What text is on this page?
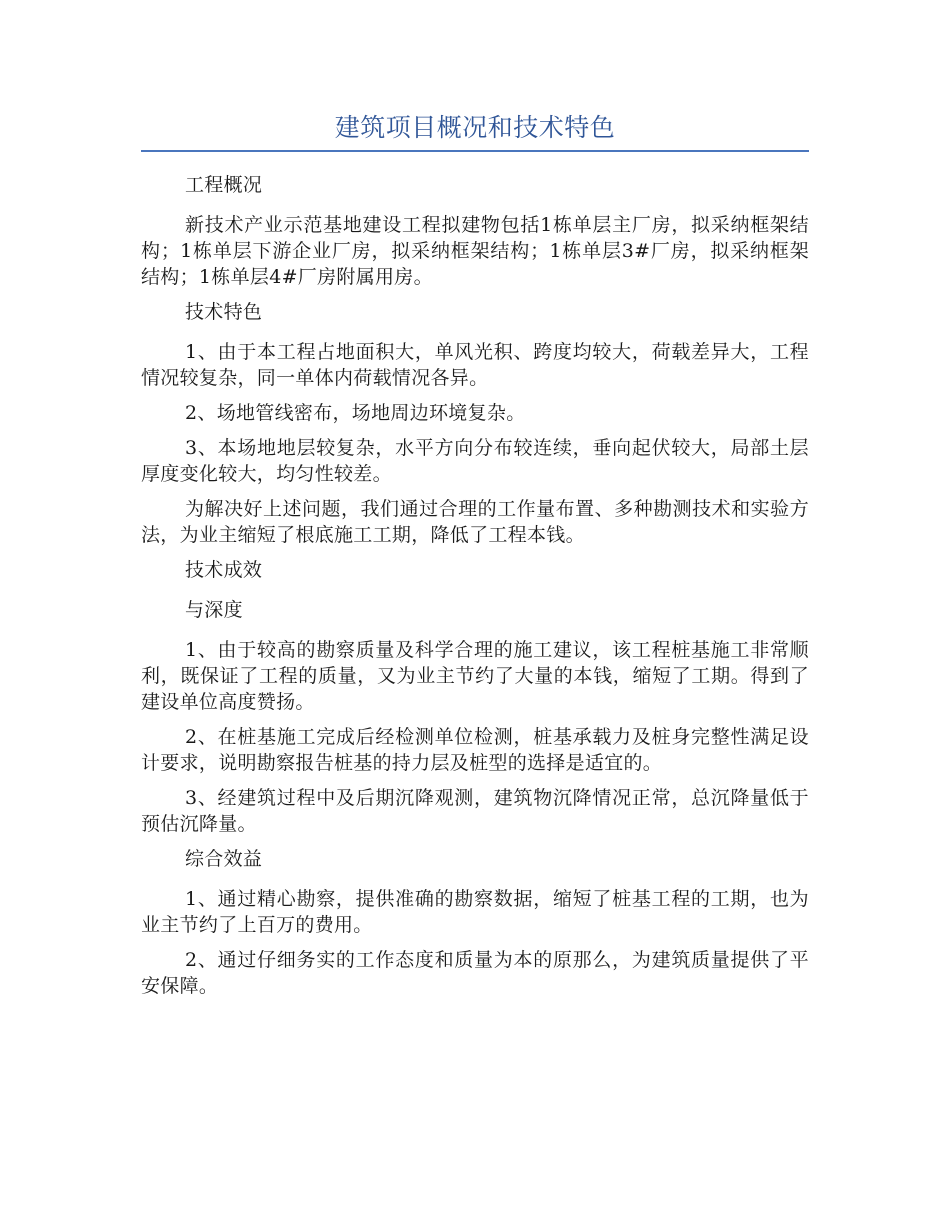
建筑项目概况和技术特色

工程概况

新技术产业示范基地建设工程拟建物包括1栋单层主厂房，拟采纳框架结构；1栋单层下游企业厂房，拟采纳框架结构；1栋单层3#厂房，拟采纳框架结构；1栋单层4#厂房附属用房。

技术特色

1、由于本工程占地面积大，单风光积、跨度均较大，荷载差异大，工程情况较复杂，同一单体内荷载情况各异。

2、场地管线密布，场地周边环境复杂。

3、本场地地层较复杂，水平方向分布较连续，垂向起伏较大，局部土层厚度变化较大，均匀性较差。

为解决好上述问题，我们通过合理的工作量布置、多种勘测技术和实验方法，为业主缩短了根底施工工期，降低了工程本钱。

技术成效

与深度

1、由于较高的勘察质量及科学合理的施工建议，该工程桩基施工非常顺利，既保证了工程的质量，又为业主节约了大量的本钱，缩短了工期。得到了建设单位高度赞扬。

2、在桩基施工完成后经检测单位检测，桩基承载力及桩身完整性满足设计要求，说明勘察报告桩基的持力层及桩型的选择是适宜的。

3、经建筑过程中及后期沉降观测，建筑物沉降情况正常，总沉降量低于预估沉降量。

综合效益

1、通过精心勘察，提供准确的勘察数据，缩短了桩基工程的工期，也为业主节约了上百万的费用。

2、通过仔细务实的工作态度和质量为本的原那么，为建筑质量提供了平安保障。
